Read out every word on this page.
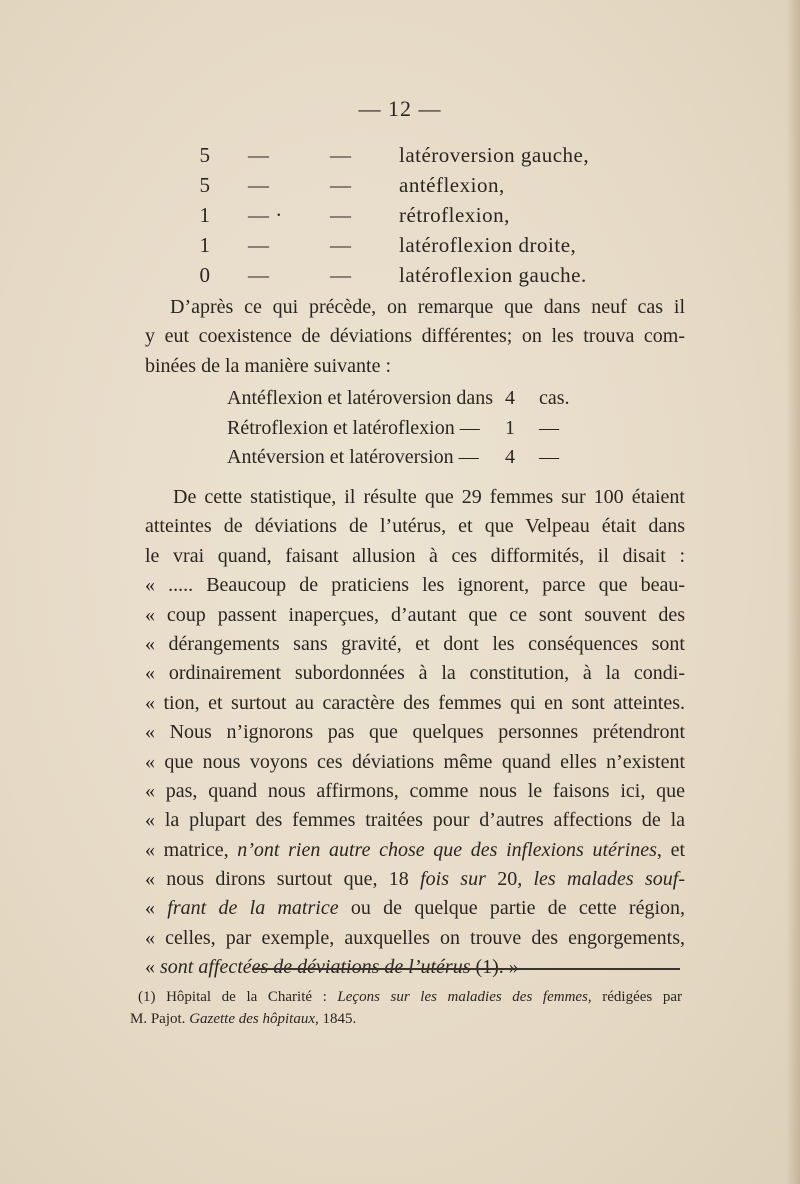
— 12 —
5 —	— latéroversion gauche,
5 —	— antéflexion,
1 — · — rétroflexion,
1 —	— latéroflexion droite,
0 —	— latéroflexion gauche.
D’après ce qui précède, on remarque que dans neuf cas il
y eut coexistence de déviations différentes; on les trouva com-
binées de la manière suivante :
Antéflexion et latéroversion dans 4 cas.
Rétroflexion et latéroflexion — 1 —
Antéversion et latéroversion — 4 —
De cette statistique, il résulte que 29 femmes sur 100 étaient
atteintes de déviations de l’utérus, et que Velpeau était dans
le vrai quand, faisant allusion à ces difformités, il disait :
« ..... Beaucoup de praticiens les ignorent, parce que beau-
« coup passent inaperçues, d’autant que ce sont souvent des
« dérangements sans gravité, et dont les conséquences sont
« ordinairement subordonnées à la constitution, à la condi-
« tion, et surtout au caractère des femmes qui en sont atteintes.
« Nous n’ignorons pas que quelques personnes prétendront
« que nous voyons ces déviations même quand elles n’existent
« pas, quand nous affirmons, comme nous le faisons ici, que
« la plupart des femmes traitées pour d’autres affections de la
« matrice, n’ont rien autre chose que des inflexions utérines, et
« nous dirons surtout que, 18 fois sur 20, les malades souf-
« frant de la matrice ou de quelque partie de cette région,
« celles, par exemple, auxquelles on trouve des engorgements,
« sont affectées de déviations de l’utérus (1). »
(1) Hôpital de la Charité : Leçons sur les maladies des femmes, rédigées par
M. Pajot. Gazette des hôpitaux, 1845.
